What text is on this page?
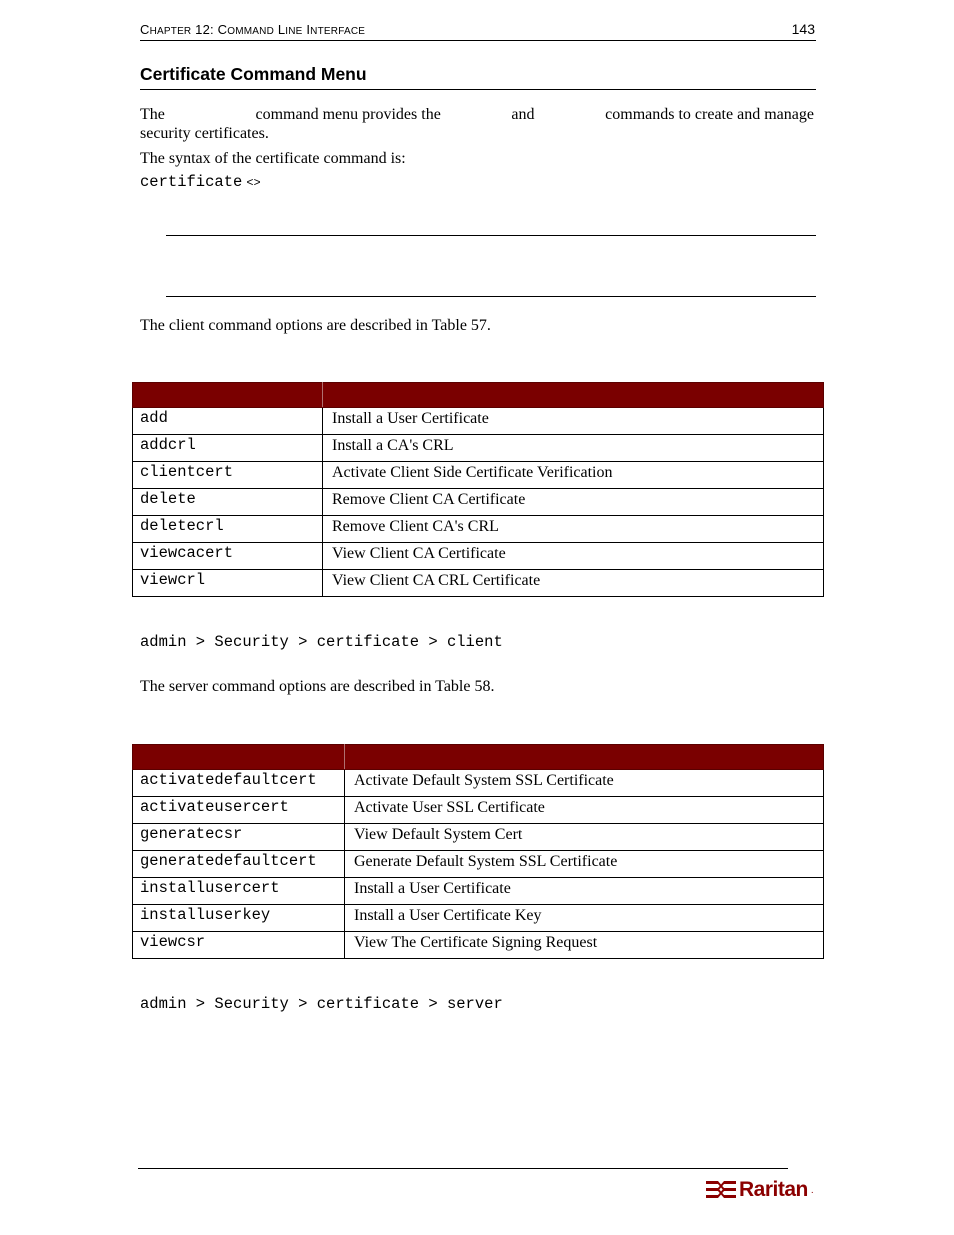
CHAPTER 12: COMMAND LINE INTERFACE	143
Certificate Command Menu
The	command menu provides the	and	commands to create and manage
security certificates.
The syntax of the certificate command is:
certificate <>
The client command options are described in Table 57.

add	Install a User Certificate
addcrl	Install a CA's CRL
clientcert	Activate Client Side Certificate Verification
delete	Remove Client CA Certificate
deletecrl	Remove Client CA's CRL
viewcacert	View Client CA Certificate
viewcrl	View Client CA CRL Certificate
admin > Security > certificate > client
The server command options are described in Table 58.

activatedefaultcert	Activate Default System SSL Certificate
activateusercert	Activate User SSL Certificate
generatecsr	View Default System Cert
generatedefaultcert	Generate Default System SSL Certificate
installusercert	Install a User Certificate
installuserkey	Install a User Certificate Key
viewcsr	View The Certificate Signing Request
admin > Security > certificate > server
Raritan .
